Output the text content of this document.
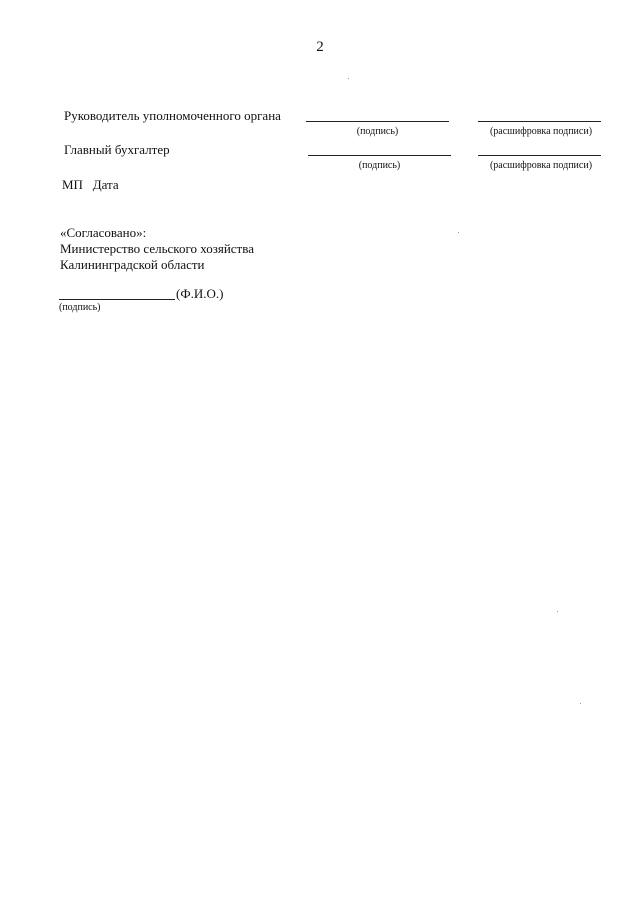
2
Руководитель уполномоченного органа
(подпись)	(расшифровка подписи)
Главный бухгалтер
(подпись)	(расшифровка подписи)
МП   Дата
«Согласовано»:
Министерство сельского хозяйства
Калининградской области
(Ф.И.О.)
(подпись)
